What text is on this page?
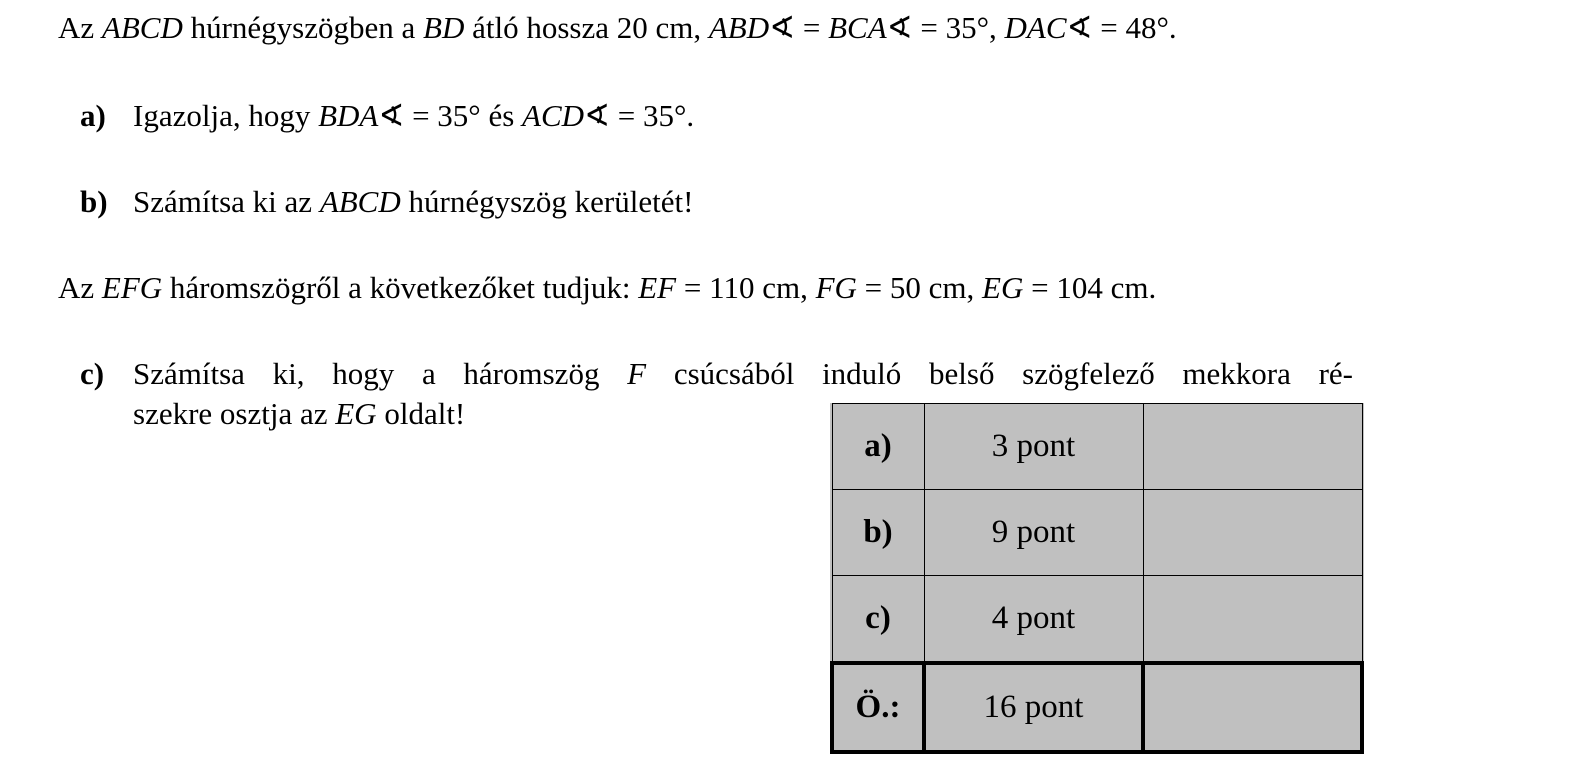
Az ABCD húrnégyszögben a BD átló hossza 20 cm, ABD∢ = BCA∢ = 35°, DAC∢ = 48°.
a) Igazolja, hogy BDA∢ = 35° és ACD∢ = 35°.
b) Számítsa ki az ABCD húrnégyszög kerületét!
Az EFG háromszögről a következőket tudjuk: EF = 110 cm, FG = 50 cm, EG = 104 cm.
c) Számítsa ki, hogy a háromszög F csúcsából induló belső szögfelező mekkora ré-
szekre osztja az EG oldalt!
a)	3 pont	
b)	9 pont	
c)	4 pont	
Ö.:	16 pont	
